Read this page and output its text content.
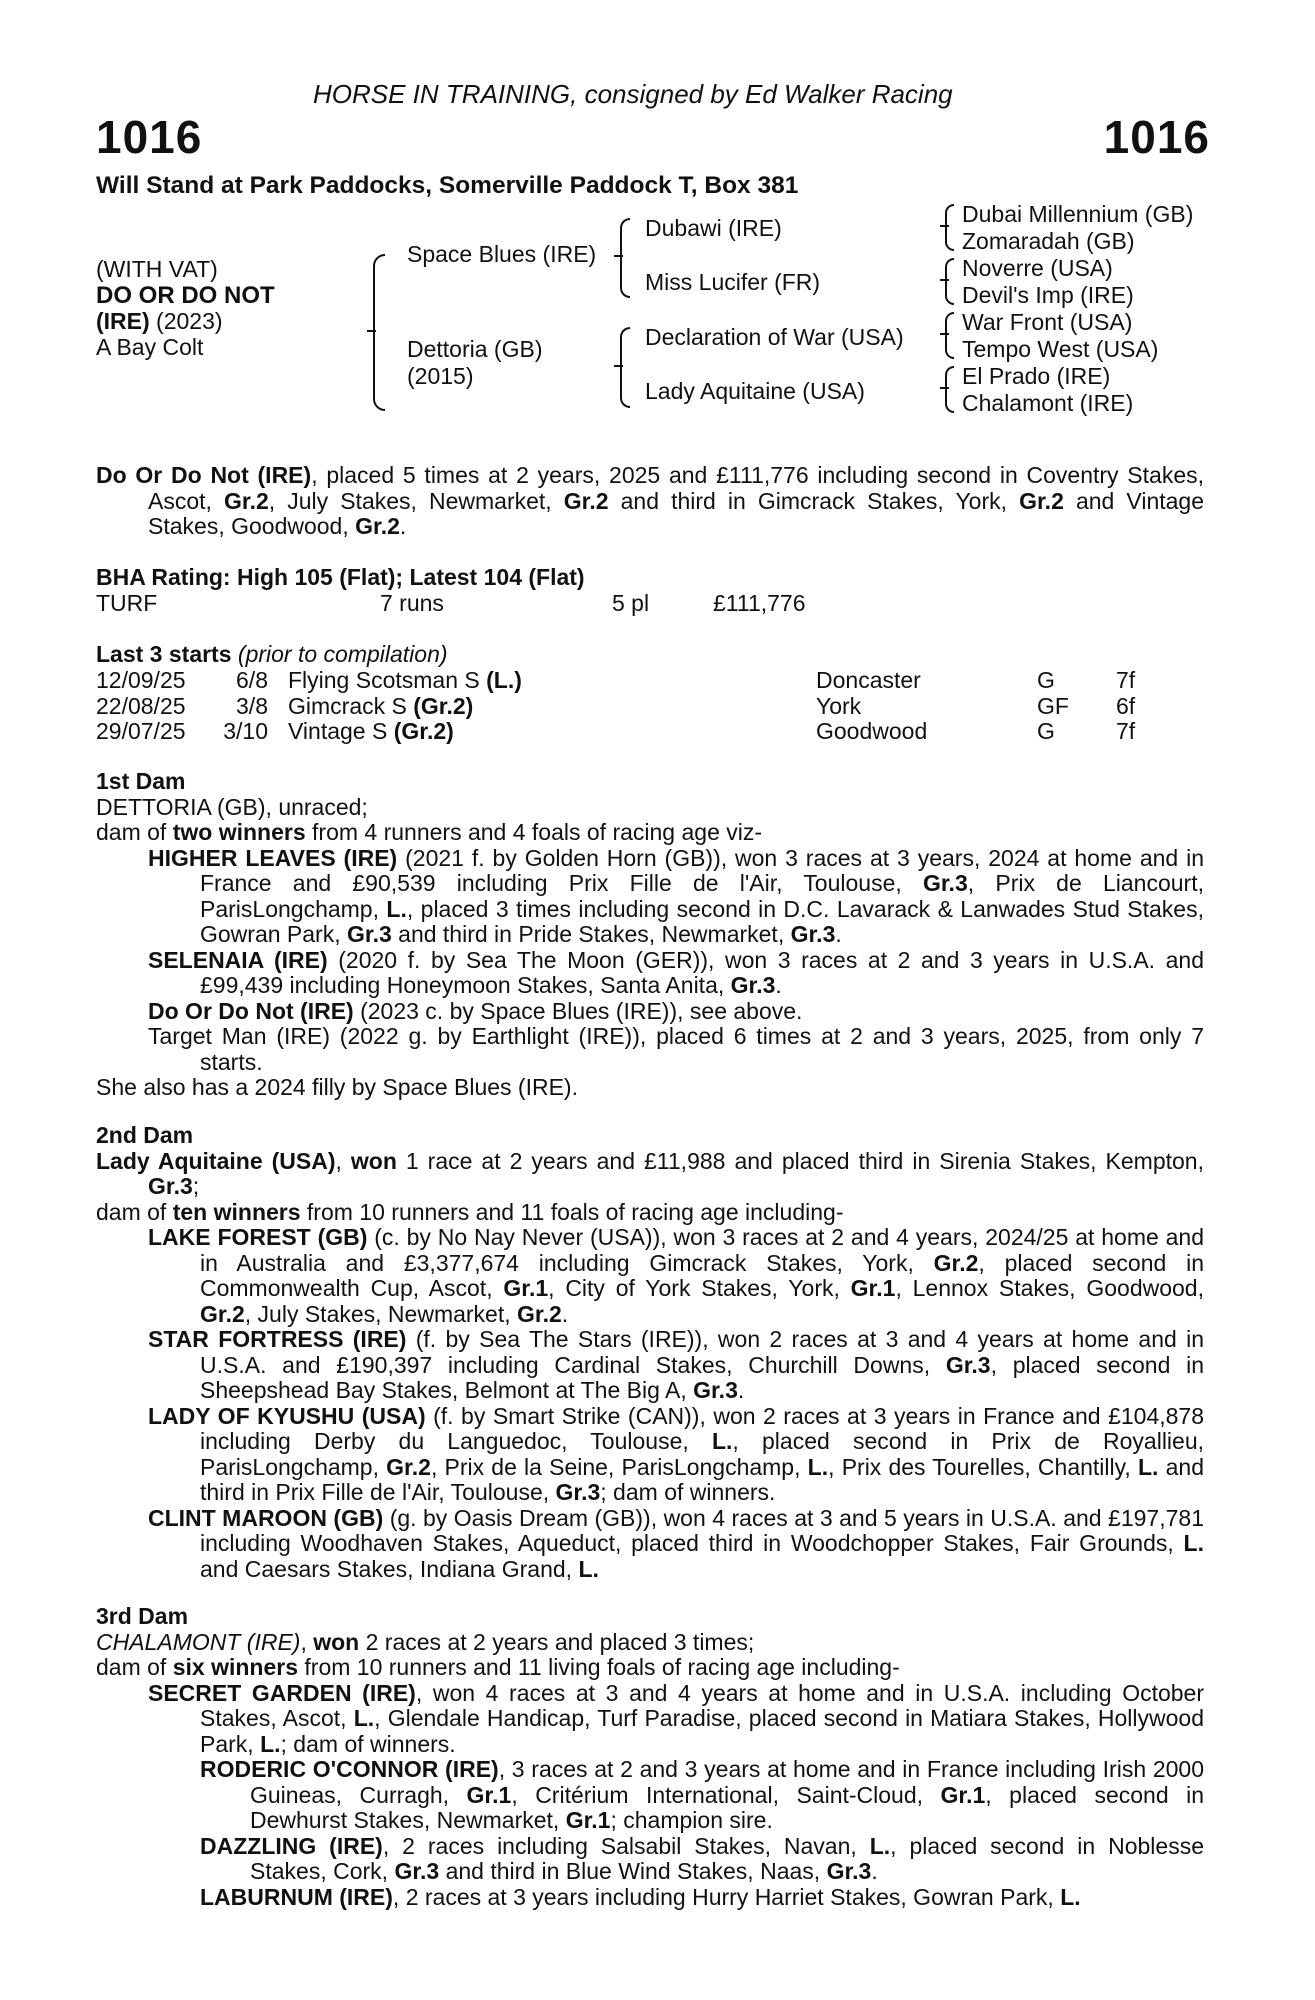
HORSE IN TRAINING, consigned by Ed Walker Racing
1016	1016
Will Stand at Park Paddocks, Somerville Paddock T, Box 381
(WITH VAT)
DO OR DO NOT
(IRE) (2023)
A Bay Colt
Space Blues (IRE)
Dettoria (GB)
(2015)
Dubawi (IRE)
Miss Lucifer (FR)
Declaration of War (USA)
Lady Aquitaine (USA)
Dubai Millennium (GB)
Zomaradah (GB)
Noverre (USA)
Devil's Imp (IRE)
War Front (USA)
Tempo West (USA)
El Prado (IRE)
Chalamont (IRE)

Do Or Do Not (IRE), placed 5 times at 2 years, 2025 and £111,776 including second in Coventry Stakes, Ascot, Gr.2, July Stakes, Newmarket, Gr.2 and third in Gimcrack Stakes, York, Gr.2 and Vintage Stakes, Goodwood, Gr.2.

BHA Rating: High 105 (Flat); Latest 104 (Flat)
TURF	7 runs	5 pl	£111,776
Last 3 starts (prior to compilation)
12/09/25	6/8 Flying Scotsman S (L.)	Doncaster	G	7f
22/08/25	3/8 Gimcrack S (Gr.2)	York	GF 6f
29/07/25	3/10 Vintage S (Gr.2)	Goodwood	G	7f

1st Dam

DETTORIA (GB), unraced;

dam of two winners from 4 runners and 4 foals of racing age viz-

HIGHER LEAVES (IRE) (2021 f. by Golden Horn (GB)), won 3 races at 3 years, 2024 at home and in France and £90,539 including Prix Fille de l'Air, Toulouse, Gr.3, Prix de Liancourt, ParisLongchamp, L., placed 3 times including second in D.C. Lavarack & Lanwades Stud Stakes, Gowran Park, Gr.3 and third in Pride Stakes, Newmarket, Gr.3.

SELENAIA (IRE) (2020 f. by Sea The Moon (GER)), won 3 races at 2 and 3 years in U.S.A. and £99,439 including Honeymoon Stakes, Santa Anita, Gr.3.

Do Or Do Not (IRE) (2023 c. by Space Blues (IRE)), see above.

Target Man (IRE) (2022 g. by Earthlight (IRE)), placed 6 times at 2 and 3 years, 2025, from only 7 starts.

She also has a 2024 filly by Space Blues (IRE).

2nd Dam

Lady Aquitaine (USA), won 1 race at 2 years and £11,988 and placed third in Sirenia Stakes, Kempton, Gr.3;

dam of ten winners from 10 runners and 11 foals of racing age including-

LAKE FOREST (GB) (c. by No Nay Never (USA)), won 3 races at 2 and 4 years, 2024/25 at home and in Australia and £3,377,674 including Gimcrack Stakes, York, Gr.2, placed second in Commonwealth Cup, Ascot, Gr.1, City of York Stakes, York, Gr.1, Lennox Stakes, Goodwood, Gr.2, July Stakes, Newmarket, Gr.2.

STAR FORTRESS (IRE) (f. by Sea The Stars (IRE)), won 2 races at 3 and 4 years at home and in U.S.A. and £190,397 including Cardinal Stakes, Churchill Downs, Gr.3, placed second in Sheepshead Bay Stakes, Belmont at The Big A, Gr.3.

LADY OF KYUSHU (USA) (f. by Smart Strike (CAN)), won 2 races at 3 years in France and £104,878 including Derby du Languedoc, Toulouse, L., placed second in Prix de Royallieu, ParisLongchamp, Gr.2, Prix de la Seine, ParisLongchamp, L., Prix des Tourelles, Chantilly, L. and third in Prix Fille de l'Air, Toulouse, Gr.3; dam of winners.

CLINT MAROON (GB) (g. by Oasis Dream (GB)), won 4 races at 3 and 5 years in U.S.A. and £197,781 including Woodhaven Stakes, Aqueduct, placed third in Woodchopper Stakes, Fair Grounds, L. and Caesars Stakes, Indiana Grand, L.

3rd Dam

CHALAMONT (IRE), won 2 races at 2 years and placed 3 times;

dam of six winners from 10 runners and 11 living foals of racing age including-

SECRET GARDEN (IRE), won 4 races at 3 and 4 years at home and in U.S.A. including October Stakes, Ascot, L., Glendale Handicap, Turf Paradise, placed second in Matiara Stakes, Hollywood Park, L.; dam of winners.

RODERIC O'CONNOR (IRE), 3 races at 2 and 3 years at home and in France including Irish 2000 Guineas, Curragh, Gr.1, Critérium International, Saint-Cloud, Gr.1, placed second in Dewhurst Stakes, Newmarket, Gr.1; champion sire.

DAZZLING (IRE), 2 races including Salsabil Stakes, Navan, L., placed second in Noblesse Stakes, Cork, Gr.3 and third in Blue Wind Stakes, Naas, Gr.3.

LABURNUM (IRE), 2 races at 3 years including Hurry Harriet Stakes, Gowran Park, L.
